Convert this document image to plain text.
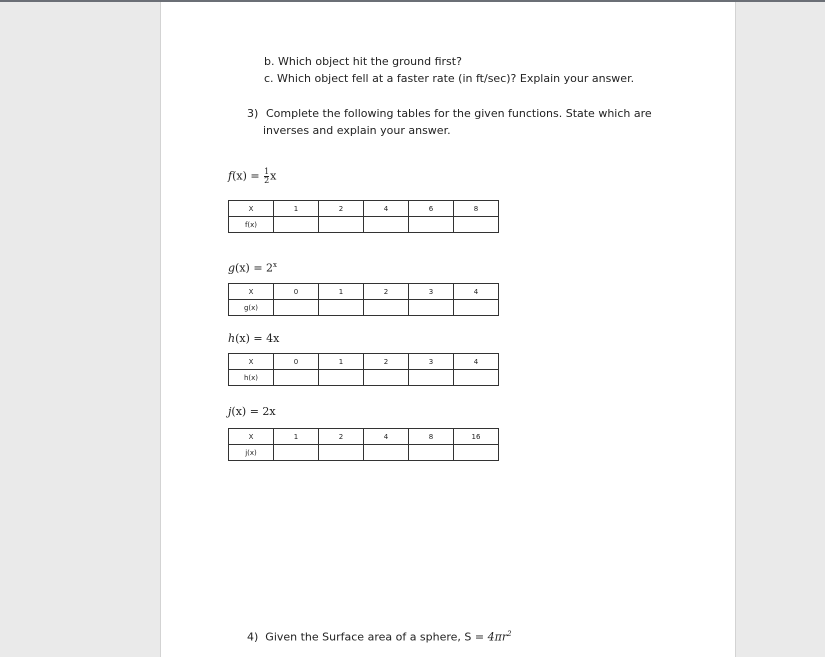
b. Which object hit the ground first?
c. Which object fell at a faster rate (in ft/sec)? Explain your answer.
3) Complete the following tables for the given functions. State which are
inverses and explain your answer.
$f(x) = \frac{1}{2}$ x
X	1	2	4	6	8
f(x)					
$g(x) = 2^x$
X	0	1	2	3	4
g(x)					
h(x) = 4x
X	0	1	2	3	4
h(x)					
j(x) = 2x
X	1	2	4	8	16
j(x)					
4) Given the Surface area of a sphere, $S = 4\pi r^2$
